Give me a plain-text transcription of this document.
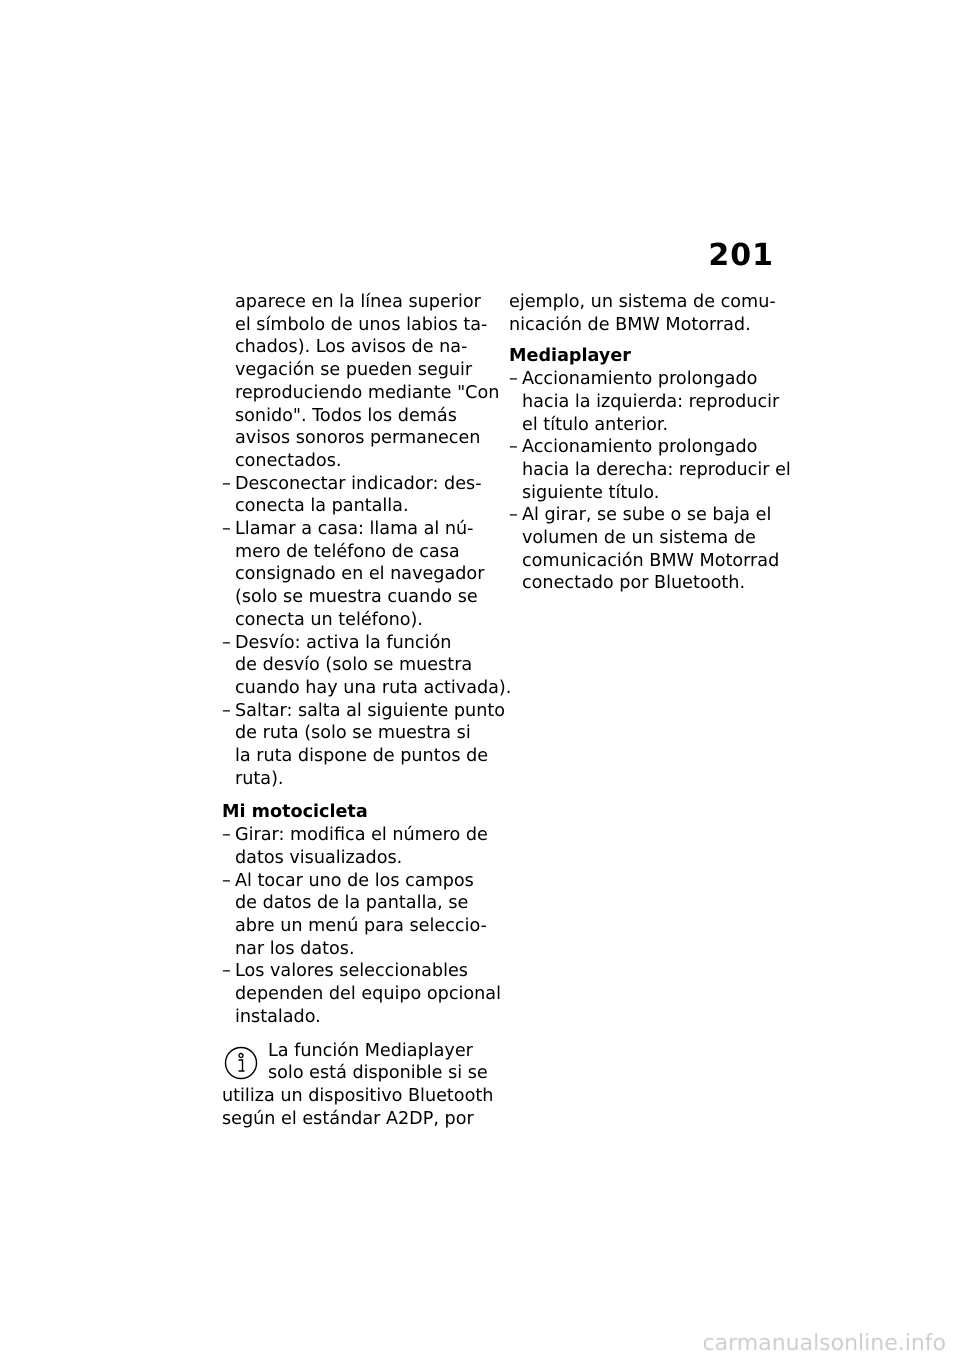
201
aparece en la línea superior
el símbolo de unos labios ta-
chados). Los avisos de na-
vegación se pueden seguir
reproduciendo mediante "Con
sonido". Todos los demás
avisos sonoros permanecen
conectados.
– Desconectar indicador: des-
conecta la pantalla.
– Llamar a casa: llama al nú-
mero de teléfono de casa
consignado en el navegador
(solo se muestra cuando se
conecta un teléfono).
– Desvío: activa la función
de desvío (solo se muestra
cuando hay una ruta activada).
– Saltar: salta al siguiente punto
de ruta (solo se muestra si
la ruta dispone de puntos de
ruta).
Mi motocicleta
– Girar: modifica el número de
datos visualizados.
– Al tocar uno de los campos
de datos de la pantalla, se
abre un menú para seleccio-
nar los datos.
– Los valores seleccionables
dependen del equipo opcional
instalado.
La función Mediaplayer
solo está disponible si se
utiliza un dispositivo Bluetooth
según el estándar A2DP, por
ejemplo, un sistema de comu-
nicación de BMW Motorrad.
Mediaplayer
– Accionamiento prolongado
hacia la izquierda: reproducir
el título anterior.
– Accionamiento prolongado
hacia la derecha: reproducir el
siguiente título.
– Al girar, se sube o se baja el
volumen de un sistema de
comunicación BMW Motorrad
conectado por Bluetooth.
carmanualsonline.info
